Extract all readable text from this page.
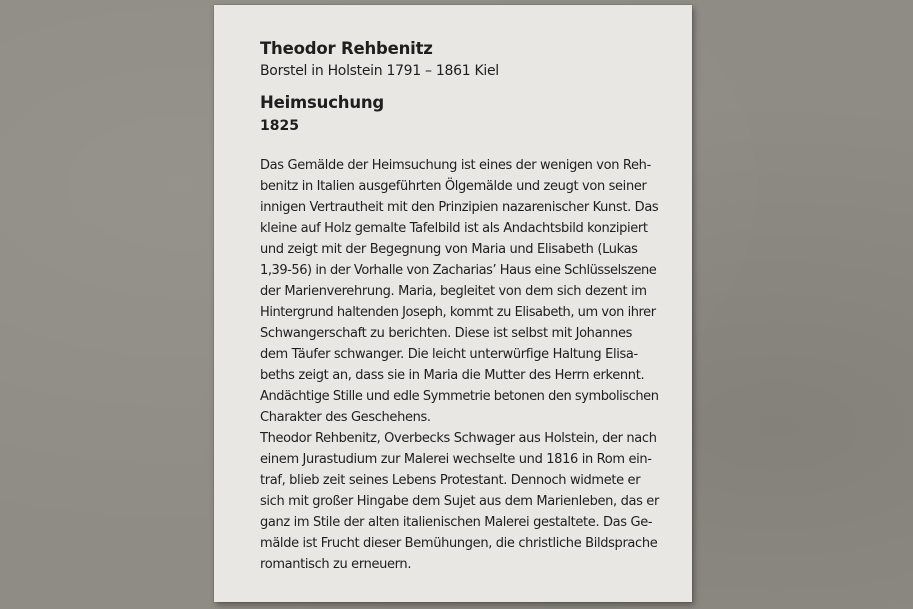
Theodor Rehbenitz
Borstel in Holstein 1791 – 1861 Kiel
Heimsuchung
1825
Das Gemälde der Heimsuchung ist eines der wenigen von Reh-
benitz in Italien ausgeführten Ölgemälde und zeugt von seiner
innigen Vertrautheit mit den Prinzipien nazarenischer Kunst. Das
kleine auf Holz gemalte Tafelbild ist als Andachtsbild konzipiert
und zeigt mit der Begegnung von Maria und Elisabeth (Lukas
1,39-56) in der Vorhalle von Zacharias’ Haus eine Schlüsselszene
der Marienverehrung. Maria, begleitet von dem sich dezent im
Hintergrund haltenden Joseph, kommt zu Elisabeth, um von ihrer
Schwangerschaft zu berichten. Diese ist selbst mit Johannes
dem Täufer schwanger. Die leicht unterwürfige Haltung Elisa-
beths zeigt an, dass sie in Maria die Mutter des Herrn erkennt.
Andächtige Stille und edle Symmetrie betonen den symbolischen
Charakter des Geschehens.
Theodor Rehbenitz, Overbecks Schwager aus Holstein, der nach
einem Jurastudium zur Malerei wechselte und 1816 in Rom ein-
traf, blieb zeit seines Lebens Protestant. Dennoch widmete er
sich mit großer Hingabe dem Sujet aus dem Marienleben, das er
ganz im Stile der alten italienischen Malerei gestaltete. Das Ge-
mälde ist Frucht dieser Bemühungen, die christliche Bildsprache
romantisch zu erneuern.
